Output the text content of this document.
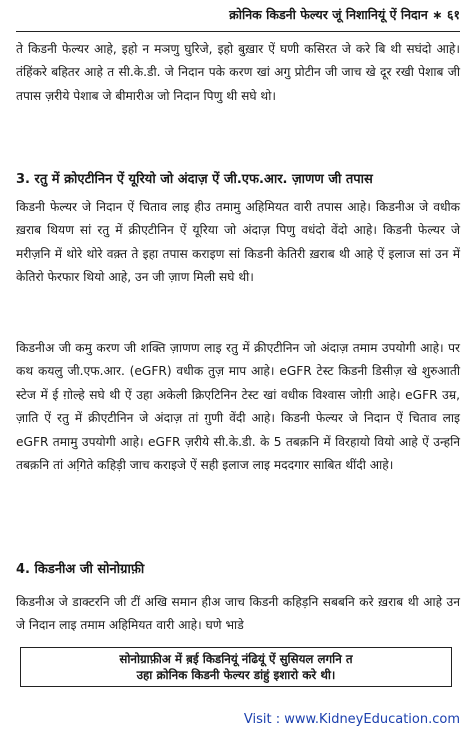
क्रोनिक किडनी फेल्यर जूं निशानियूं ऐं निदान ∗ ६१

ते किडनी फेल्यर आहे, इहो न मञणु घुरिजे, इहो बुख़ार ऐं घणी कसिरत जे करे बि थी सघंदो आहे। तंहिंकरे बहितर आहे त सी.के.डी. जे निदान पके करण खां अगु प्रोटीन जी जाच खे दूर रखी पेशाब जी तपास ज़रीये पेशाब जे बीमारीअ जो निदान पिणु थी सघे थो।

3. रतु में क्रोएटीनिन ऐं यूरियो जो अंदाज़ ऐं जी.एफ.आर. ज़ाणण जी तपास

किडनी फेल्यर जे निदान ऐं चिताव लाइ हीउ तमामु अहिमियत वारी तपास आहे। किडनीअ जे वधीक ख़राब थियण सां रतु में क्रीएटीनिन ऐं यूरिया जो अंदाज़ पिणु वधंदो वेंदो आहे। किडनी फेल्यर जे मरीज़नि में थोरे थोरे वक़्त ते इहा तपास कराइण सां किडनी केतिरी ख़राब थी आहे ऐं इलाज सां उन में केतिरो फेरफार थियो आहे, उन जी ज़ाण मिली सघे थी।

किडनीअ जी कमु करण जी शक्ति ज़ाणण लाइ रतु में क्रीएटीनिन जो अंदाज़ तमाम उपयोगी आहे। पर कथ कयलु जी.एफ.आर. (eGFR) वधीक तुज़ माप आहे। eGFR टेस्ट किडनी डिसीज़ खे शुरुआती स्टेज में ई ग़ोल्हे सघे थी ऐं उहा अकेली क्रिएटिनिन टेस्ट खां वधीक विश्वास जोग़ी आहे। eGFR उम्र, ज़ाति ऐं रतु में क्रीएटीनिन जे अंदाज़ तां ग़ुणी वेंदी आहे। किडनी फेल्यर जे निदान ऐं चिताव लाइ eGFR तमामु उपयोगी आहे। eGFR ज़रीये सी.के.डी. के 5 तबक़नि में विरहायो वियो आहे ऐं उन्हनि तबक़नि तां अगि़ते कहिड़ी जाच कराइजे ऐं सही इलाज लाइ मददगार साबित थींदी आहे।

4. किडनीअ जी सोनोग्राफ़ी

किडनीअ जे डाक्टरनि जी टीं अखि समान हीअ जाच किडनी कहिड़नि सबबनि करे ख़राब थी आहे उन जे निदान लाइ तमाम अहिमियत वारी आहे। घणे भाडे

सोनोग्राफ़ीअ में ब़ई किडनियूं नंढियूं ऐं सुसियल लगनि त

उहा क्रोनिक किडनी फेल्यर डांहुं इशारो करे थी।

Visit : www.KidneyEducation.com
